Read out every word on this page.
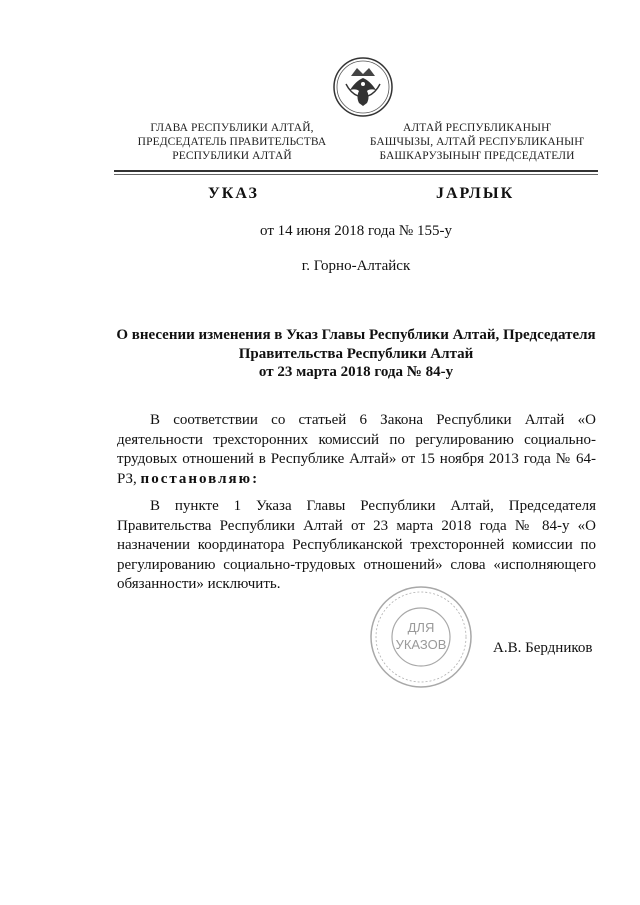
ГЛАВА РЕСПУБЛИКИ АЛТАЙ,
ПРЕДСЕДАТЕЛЬ ПРАВИТЕЛЬСТВА
РЕСПУБЛИКИ АЛТАЙ
АЛТАЙ РЕСПУБЛИКАНЫҤ
БАШЧЫЗЫ, АЛТАЙ РЕСПУБЛИКАНЫҤ
БАШКАРУЗЫНЫҤ ПРЕДСЕДАТЕЛИ
УКАЗ	ЈАРЛЫК
от 14 июня 2018 года № 155-у
г. Горно-Алтайск
О внесении изменения в Указ Главы Республики Алтай, Председателя
Правительства Республики Алтай
от 23 марта 2018 года № 84-у
В соответствии со статьей 6 Закона Республики Алтай «О деятельности трехсторонних комиссий по регулированию социально-трудовых отношений в Республике Алтай» от 15 ноября 2013 года № 64-РЗ, постановляю:
В пункте 1 Указа Главы Республики Алтай, Председателя Правительства Республики Алтай от 23 марта 2018 года № 84-у «О назначении координатора Республиканской трехсторонней комиссии по регулированию социально-трудовых отношений» слова «исполняющего обязанности» исключить.
ДЛЯ
УКАЗОВ	А.В. Бердников
